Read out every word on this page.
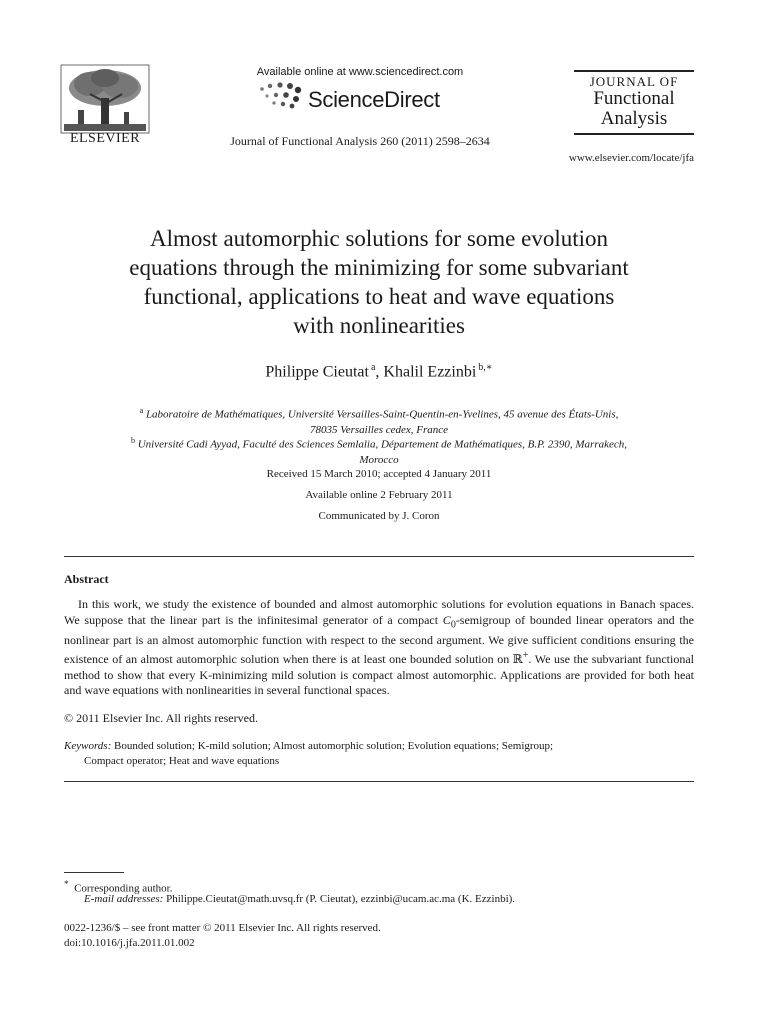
ELSEVIER
Available online at www.sciencedirect.com
ScienceDirect
Journal of Functional Analysis 260 (2011) 2598–2634
JOURNAL OF
Functional
Analysis
www.elsevier.com/locate/jfa
Almost automorphic solutions for some evolution
equations through the minimizing for some subvariant
functional, applications to heat and wave equations
with nonlinearities
Philippe Cieutat  $^a$, Khalil Ezzinbi  $^{b,∗}$
$^a$ Laboratoire de Mathématiques, Université Versailles-Saint-Quentin-en-Yvelines, 45 avenue des États-Unis,
78035 Versailles cedex, France
$^b$ Université Cadi Ayyad, Faculté des Sciences Semlalia, Département de Mathématiques, B.P. 2390, Marrakech,
Morocco
Received 15 March 2010; accepted 4 January 2011
Available online 2 February 2011
Communicated by J. Coron
Abstract
In this work, we study the existence of bounded and almost automorphic solutions for evolution equations in Banach spaces. We suppose that the linear part is the infinitesimal generator of a compact $C_0$-semigroup of bounded linear operators and the nonlinear part is an almost automorphic function with respect to the second argument. We give sufficient conditions ensuring the existence of an almost automorphic solution when there is at least one bounded solution on ℝ+. We use the subvariant functional method to show that every K-minimizing mild solution is compact almost automorphic. Applications are provided for both heat and wave equations with nonlinearities in several functional spaces.
© 2011 Elsevier Inc. All rights reserved.
Keywords: Bounded solution; K-mild solution; Almost automorphic solution; Evolution equations; Semigroup;
Compact operator; Heat and wave equations
* Corresponding author.
E-mail addresses: Philippe.Cieutat@math.uvsq.fr (P. Cieutat), ezzinbi@ucam.ac.ma (K. Ezzinbi).
0022-1236/$ – see front matter © 2011 Elsevier Inc. All rights reserved.
doi:10.1016/j.jfa.2011.01.002
